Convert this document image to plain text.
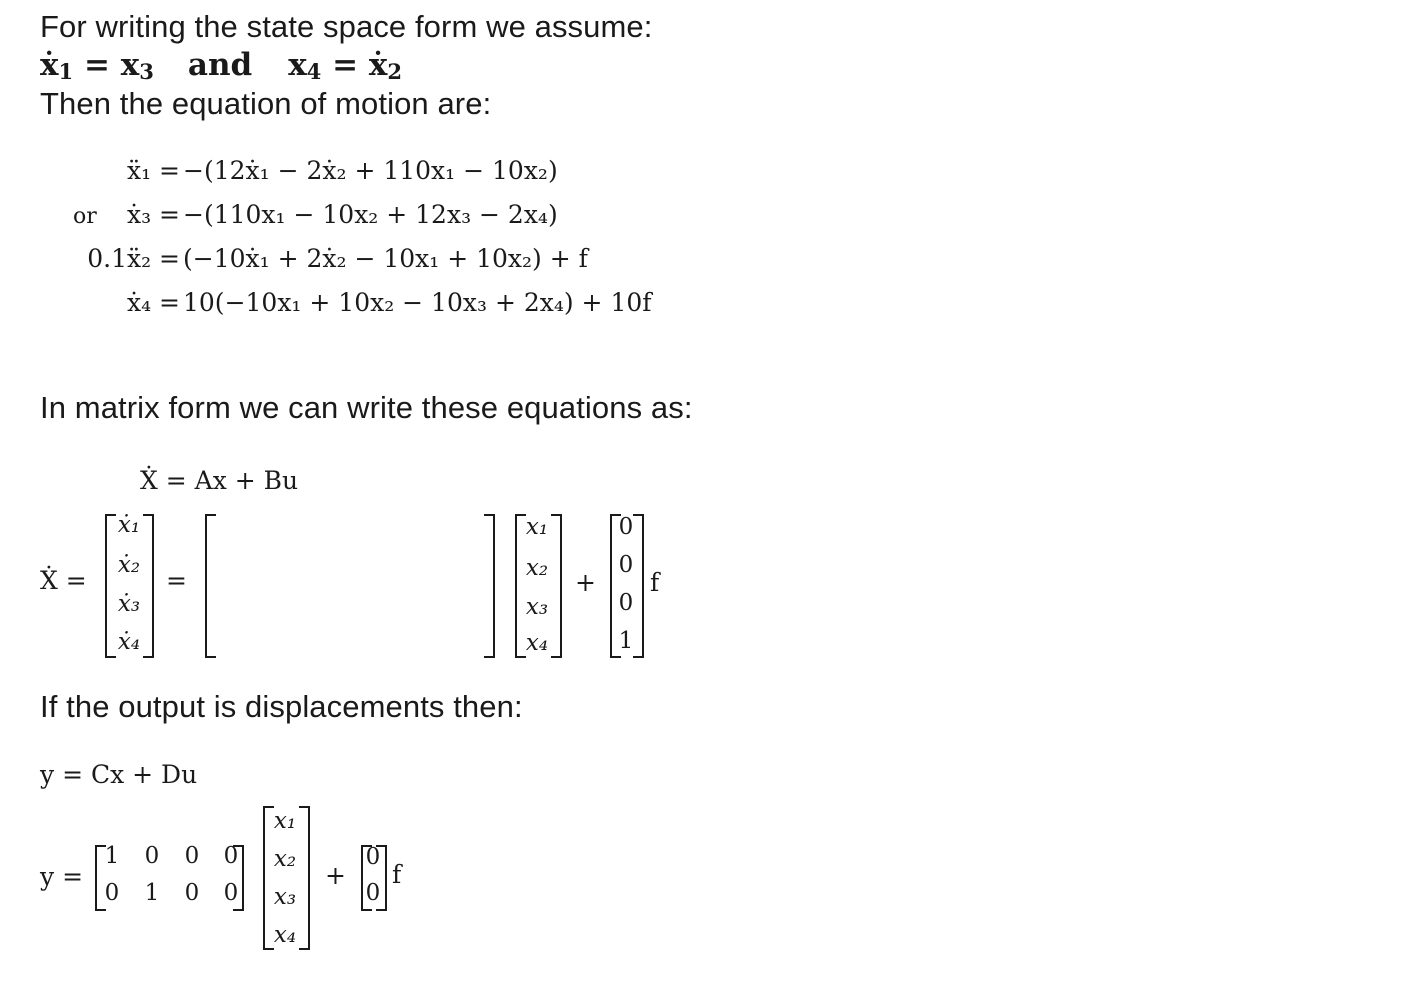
For writing the state space form we assume:
ẋ$_1$ = $x_3$ and $x_4$ = ẋ$_2$
Then the equation of motion are:
ẍ₁ = −(12ẋ₁ − 2ẋ₂ + 110x₁ − 10x₂)
or ẋ₃ = −(110x₁ − 10x₂ + 12x₃ − 2x₄)
0.1ẍ₂ = (−10ẋ₁ + 2ẋ₂ − 10x₁ + 10x₂) + f
ẋ₄ = 10(−10x₁ + 10x₂ − 10x₃ + 2x₄) + 10f
In matrix form we can write these equations as:
Ẋ = Ax + Bu
Ẋ =
ẋ₁
ẋ₂
ẋ₃
ẋ₄
=
x₁
x₂
x₃
x₄
+
0
0
0
1
f
If the output is displacements then:
y = Cx + Du
y =
1 0 0 0
0 1 0 0
x₁
x₂
x₃
x₄
+
0
0
f
